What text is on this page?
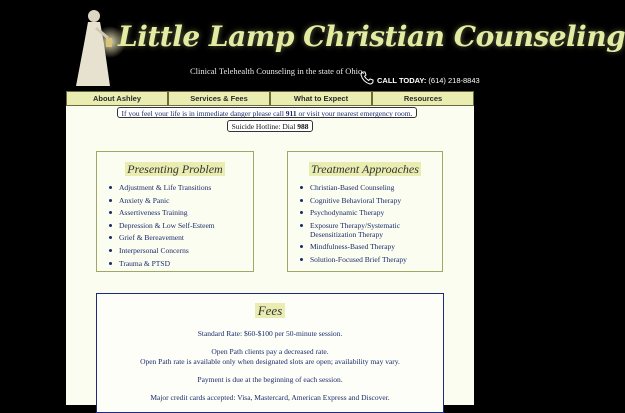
Little Lamp Christian Counseling
Clinical Telehealth Counseling in the state of Ohio.
CALL TODAY: (614) 218-8843
About Ashley	Services & Fees	What to Expect	Resources
If you feel your life is in immediate danger please call 911 or visit your nearest emergency room.
Suicide Hotline: Dial 988
Presenting Problem
Adjustment & Life Transitions
Anxiety & Panic
Assertiveness Training
Depression & Low Self-Esteem
Grief & Bereavement
Interpersonal Concerns
Trauma & PTSD
Treatment Approaches
Christian-Based Counseling
Cognitive Behavioral Therapy
Psychodynamic Therapy
Exposure Therapy/Systematic Desensitization Therapy
Mindfulness-Based Therapy
Solution-Focused Brief Therapy
Fees

Standard Rate: $60-$100 per 50-minute session.

Open Path clients pay a decreased rate.

Open Path rate is available only when designated slots are open; availability may vary.

Payment is due at the beginning of each session.

Major credit cards accepted: Visa, Mastercard, American Express and Discover.
